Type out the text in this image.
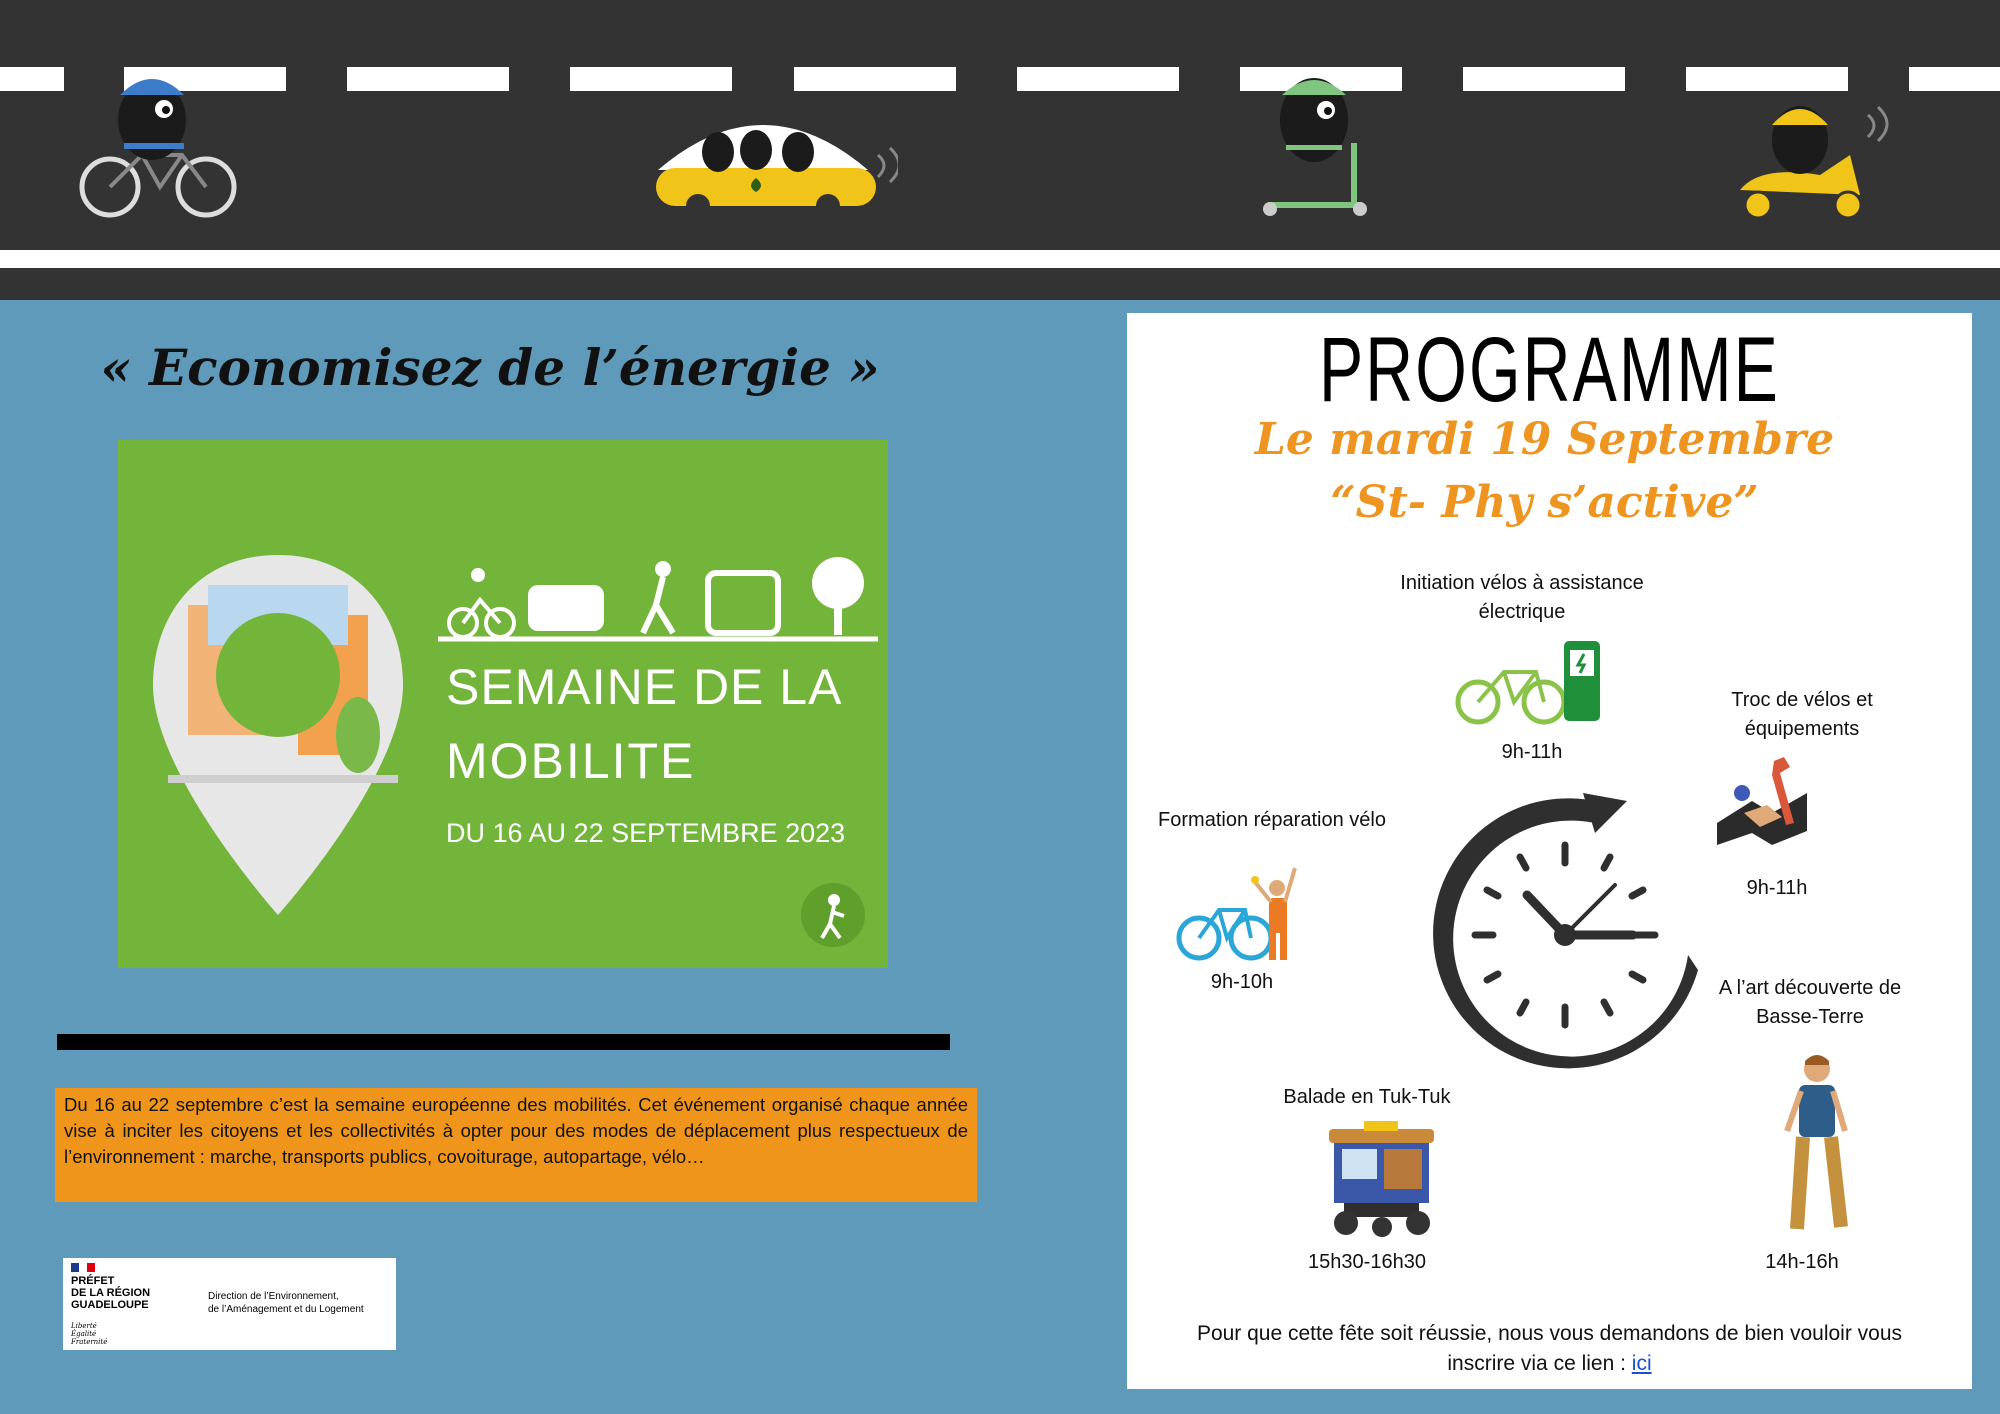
« Economisez de l’énergie »
SEMAINE DE LA
MOBILITE
DU 16 AU 22 SEPTEMBRE 2023
Du 16 au 22 septembre c’est la semaine européenne des mobilités. Cet événement organisé chaque année vise à inciter les citoyens et les collectivités à opter pour des modes de déplacement plus respectueux de l’environnement : marche, transports publics, covoiturage, autopartage, vélo…
PRÉFET
DE LA RÉGION
GUADELOUPE
Liberté
Égalité
Fraternité
Direction de l’Environnement,
de l’Aménagement et du Logement
PROGRAMME
Le mardi 19 Septembre
“St- Phy s’active”
Initiation vélos à assistance électrique
9h-11h
Troc de vélos et équipements
9h-11h
Formation réparation vélo
9h-10h	A l’art découverte de Basse-Terre
14h-16h
Balade en Tuk-Tuk
15h30-16h30
Pour que cette fête soit réussie, nous vous demandons de bien vouloir vous inscrire via ce lien : ici
